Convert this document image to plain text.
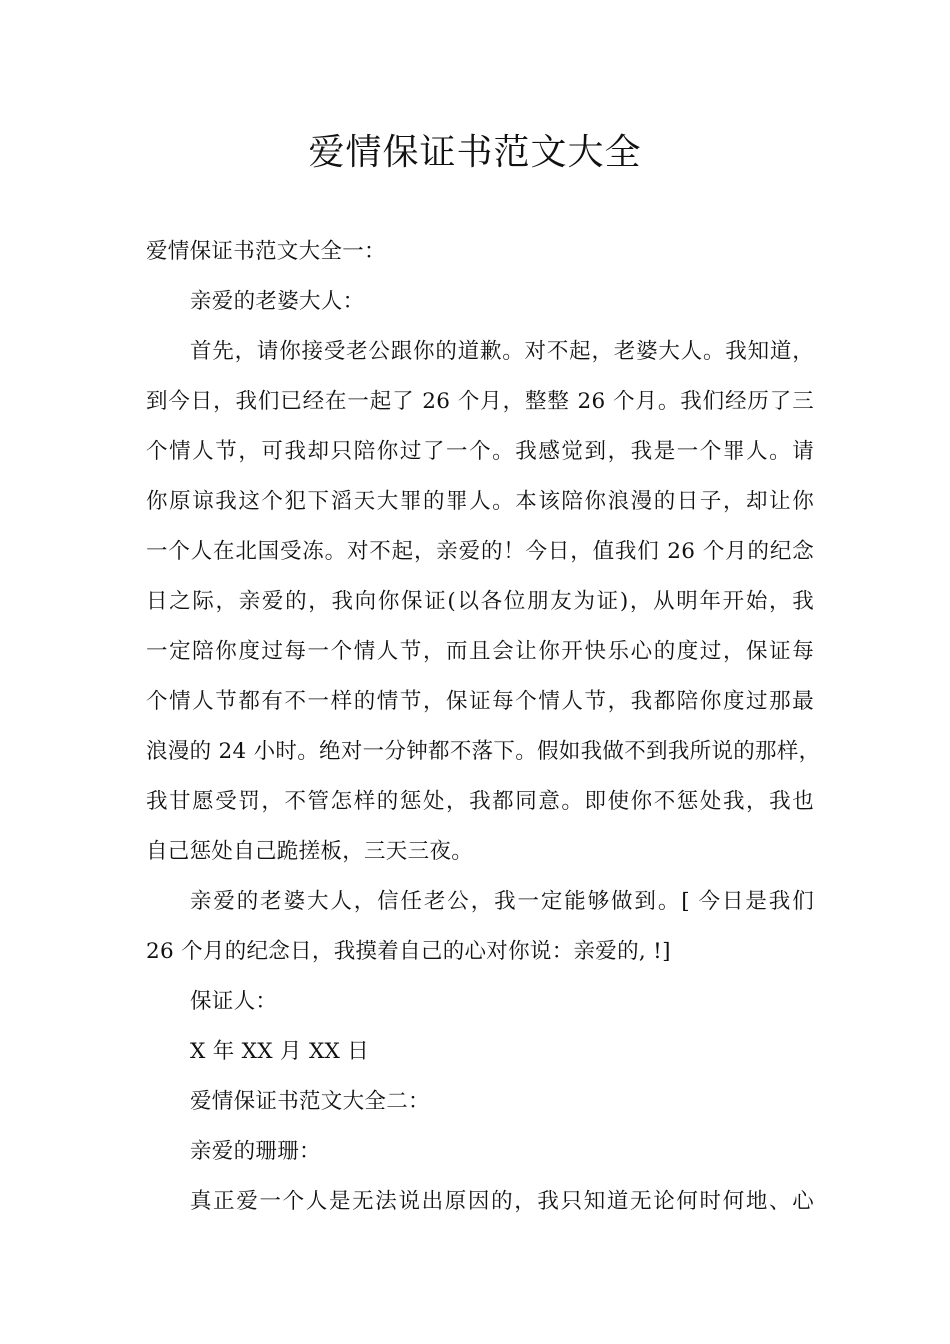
爱情保证书范文大全
爱情保证书范文大全一：
亲爱的老婆大人：
首先，请你接受老公跟你的道歉。对不起，老婆大人。我知道，
到今日，我们已经在一起了 26 个月，整整 26 个月。我们经历了三
个情人节，可我却只陪你过了一个。我感觉到，我是一个罪人。请
你原谅我这个犯下滔天大罪的罪人。本该陪你浪漫的日子，却让你
一个人在北国受冻。对不起，亲爱的！今日，值我们 26 个月的纪念
日之际，亲爱的，我向你保证(以各位朋友为证)，从明年开始，我
一定陪你度过每一个情人节，而且会让你开快乐心的度过，保证每
个情人节都有不一样的情节，保证每个情人节，我都陪你度过那最
浪漫的 24 小时。绝对一分钟都不落下。假如我做不到我所说的那样，
我甘愿受罚，不管怎样的惩处，我都同意。即使你不惩处我，我也
自己惩处自己跪搓板，三天三夜。
亲爱的老婆大人，信任老公，我一定能够做到。[ 今日是我们
26 个月的纪念日，我摸着自己的心对你说：亲爱的, !]
保证人：
X 年 XX 月 XX 日
爱情保证书范文大全二：
亲爱的珊珊：
真正爱一个人是无法说出原因的，我只知道无论何时何地、心
